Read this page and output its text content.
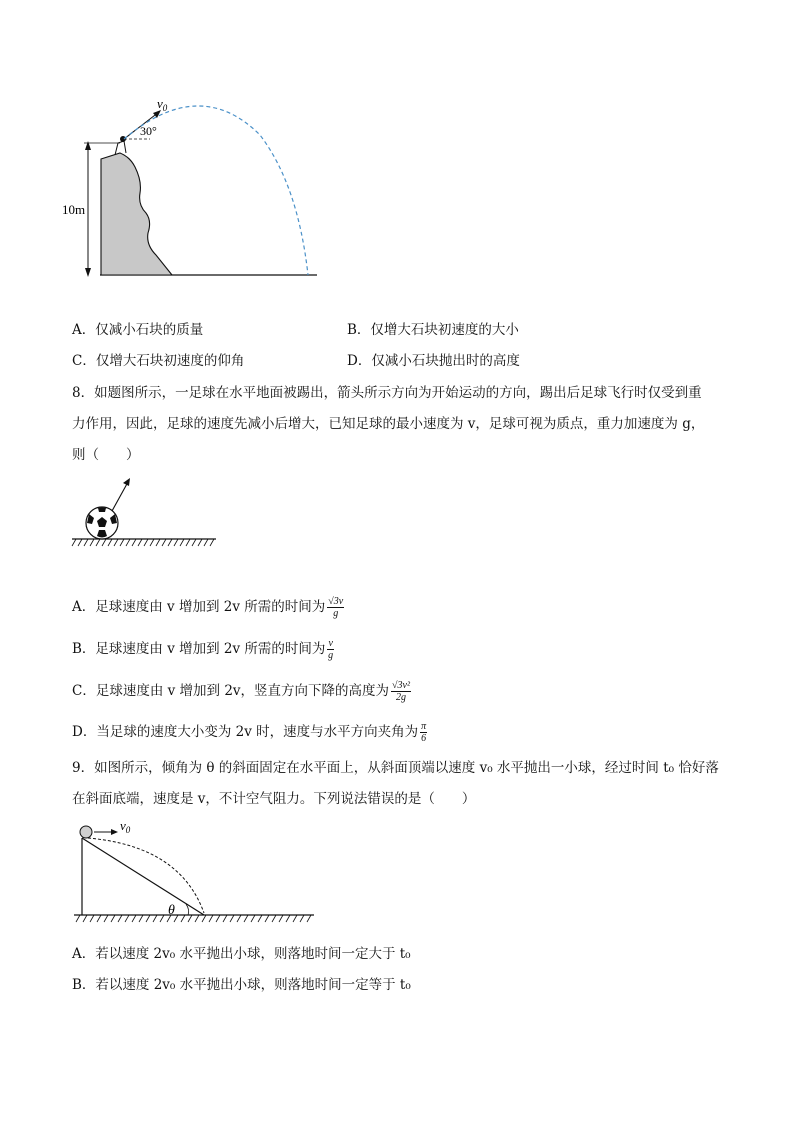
10m
$v_0$
30°
A．仅减小石块的质量	B．仅增大石块初速度的大小
C．仅增大石块初速度的仰角	D．仅减小石块抛出时的高度
8．如题图所示，一足球在水平地面被踢出，箭头所示方向为开始运动的方向，踢出后足球飞行时仅受到重
力作用，因此，足球的速度先减小后增大，已知足球的最小速度为 v，足球可视为质点，重力加速度为 g，
则（　　）
A．足球速度由 v 增加到 2v 所需的时间为 $\frac{√3v}{g}$
B．足球速度由 v 增加到 2v 所需的时间为 $\frac{v}{g}$
C．足球速度由 v 增加到 2v，竖直方向下降的高度为 $\frac{\text{√3v²}}{2g}$
D．当足球的速度大小变为 2v 时，速度与水平方向夹角为 $\frac{\pi}{6}$
9．如图所示，倾角为 θ 的斜面固定在水平面上，从斜面顶端以速度 v₀ 水平抛出一小球，经过时间 t₀ 恰好落
在斜面底端，速度是 v，不计空气阻力。下列说法错误的是（　　）
$v_0$
θ
A．若以速度 2v₀ 水平抛出小球，则落地时间一定大于 t₀
B．若以速度 2v₀ 水平抛出小球，则落地时间一定等于 t₀
